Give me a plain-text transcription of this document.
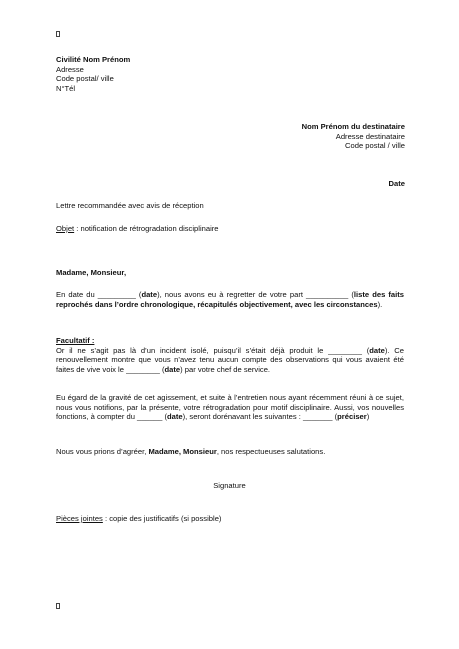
Civilité Nom Prénom
Adresse
Code postal/ ville
N°Tél
Nom Prénom du destinataire
Adresse destinataire
Code postal / ville
Date
Lettre recommandée avec avis de réception
Objet : notification de rétrogradation disciplinaire
Madame, Monsieur,
En date du _________ (date), nous avons eu à regretter de votre part __________ (liste des faits reprochés dans l’ordre chronologique, récapitulés objectivement, avec les circonstances).
Facultatif :
Or il ne s’agit pas là d’un incident isolé, puisqu’il s’était déjà produit le ________ (date). Ce renouvellement montre que vous n’avez tenu aucun compte des observations qui vous avaient été faites de vive voix le ________ (date) par votre chef de service.
Eu égard de la gravité de cet agissement, et suite à l’entretien nous ayant récemment réuni à ce sujet, nous vous notifions, par la présente, votre rétrogradation pour motif disciplinaire. Aussi, vos nouvelles fonctions, à compter du ______ (date), seront dorénavant les suivantes : _______ (préciser)
Nous vous prions d’agréer, Madame, Monsieur, nos respectueuses salutations.
Signature
Pièces jointes : copie des justificatifs (si possible)
